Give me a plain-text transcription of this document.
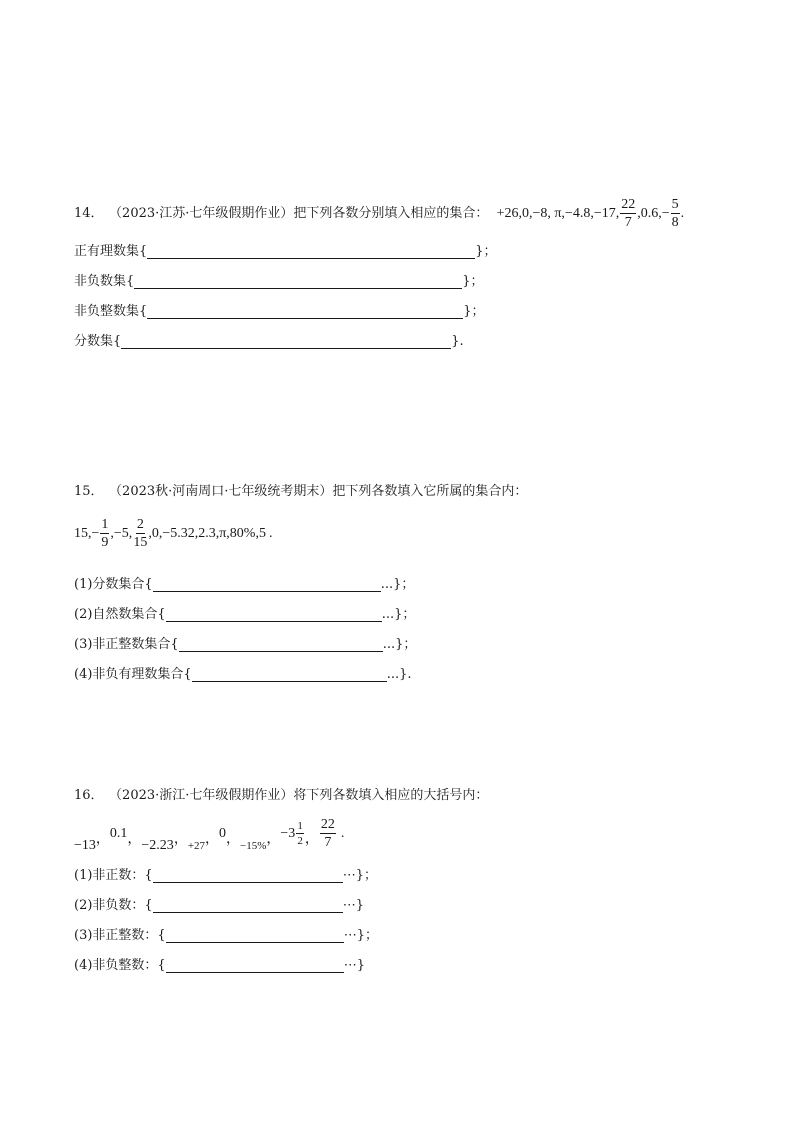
14． （2023·江苏·七年级假期作业）把下列各数分别填入相应的集合： +26,0,−8, π,−4.8,−17, $\frac{22}{7} ,0.6,- \frac{5}{8}$ .
正有理数集{	}；
非负数集{	}；
非负整数集{	}；
分数集{	}.
15． （2023秋·河南周口·七年级统考期末）把下列各数填入它所属的集合内：
$15,- \frac{1}{9} ,-5$, $\frac{2}{15} ,0,-5.32,2.3,\pi,80\%,5$ .
(1)分数集合{	...}；
(2)自然数集合{	...}；
(3)非正整数集合{	...}；
(4)非负有理数集合{	...}.
16． （2023·浙江·七年级假期作业）将下列各数填入相应的大括号内：
−13，0.1，−2.23，$_{+27}$，0，$_{-15\%}$，$-3 \frac{1}{2}$ ， $\frac{22}{7}$ .
(1)非正数：{	⋯}；
(2)非负数：{	⋯}
(3)非正整数：{	⋯}；
(4)非负整数：{	⋯}
